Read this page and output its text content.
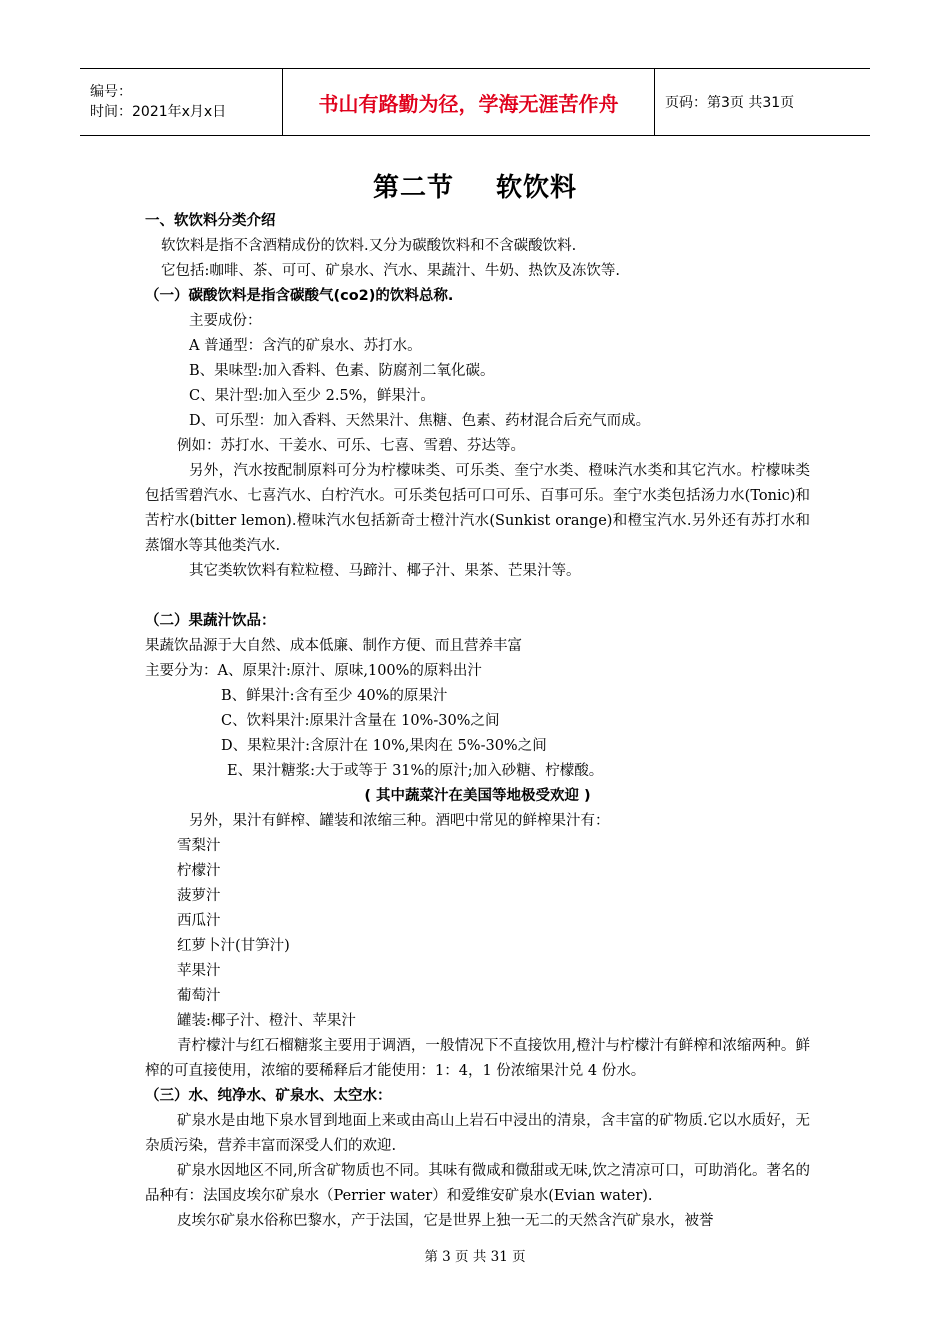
编号：
时间：2021年x月x日	书山有路勤为径，学海无涯苦作舟	页码：第3页 共31页
第二节 软饮料

一、软饮料分类介绍

软饮料是指不含酒精成份的饮料.又分为碳酸饮料和不含碳酸饮料.

它包括:咖啡、茶、可可、矿泉水、汽水、果蔬汁、牛奶、热饮及冻饮等.

（一）碳酸饮料是指含碳酸气(co2)的饮料总称.

主要成份：

A 普通型：含汽的矿泉水、苏打水。

B、果味型:加入香料、色素、防腐剂二氧化碳。

C、果汁型:加入至少 2.5%，鲜果汁。

D、可乐型：加入香料、天然果汁、焦糖、色素、药材混合后充气而成。

例如：苏打水、干姜水、可乐、七喜、雪碧、芬达等。

另外，汽水按配制原料可分为柠檬味类、可乐类、奎宁水类、橙味汽水类和其它汽水。柠檬味类包括雪碧汽水、七喜汽水、白柠汽水。可乐类包括可口可乐、百事可乐。奎宁水类包括汤力水(Tonic)和苦柠水(bitter lemon).橙味汽水包括新奇士橙汁汽水(Sunkist orange)和橙宝汽水.另外还有苏打水和蒸馏水等其他类汽水.

其它类软饮料有粒粒橙、马蹄汁、椰子汁、果茶、芒果汁等。

（二）果蔬汁饮品：

果蔬饮品源于大自然、成本低廉、制作方便、而且营养丰富

主要分为：A、原果汁:原汁、原味,100%的原料出汁

B、鲜果汁:含有至少 40%的原果汁

C、饮料果汁:原果汁含量在 10%-30%之间

D、果粒果汁:含原汁在 10%,果肉在 5%-30%之间

E、果汁糖浆:大于或等于 31%的原汁;加入砂糖、柠檬酸。

( 其中蔬菜汁在美国等地极受欢迎 )

另外，果汁有鲜榨、罐装和浓缩三种。酒吧中常见的鲜榨果汁有：

雪梨汁

柠檬汁

菠萝汁

西瓜汁

红萝卜汁(甘笋汁)

苹果汁

葡萄汁

罐装:椰子汁、橙汁、苹果汁

青柠檬汁与红石榴糖浆主要用于调酒，一般情况下不直接饮用,橙汁与柠檬汁有鲜榨和浓缩两种。鲜榨的可直接使用，浓缩的要稀释后才能使用：1：4，1 份浓缩果汁兑 4 份水。

（三）水、纯净水、矿泉水、太空水：

矿泉水是由地下泉水冒到地面上来或由高山上岩石中浸出的清泉，含丰富的矿物质.它以水质好，无杂质污染，营养丰富而深受人们的欢迎.

矿泉水因地区不同,所含矿物质也不同。其味有微咸和微甜或无味,饮之清凉可口，可助消化。著名的品种有：法国皮埃尔矿泉水（Perrier water）和爱维安矿泉水(Evian water).

皮埃尔矿泉水俗称巴黎水，产于法国，它是世界上独一无二的天然含汽矿泉水，被誉

第 3 页 共 31 页
